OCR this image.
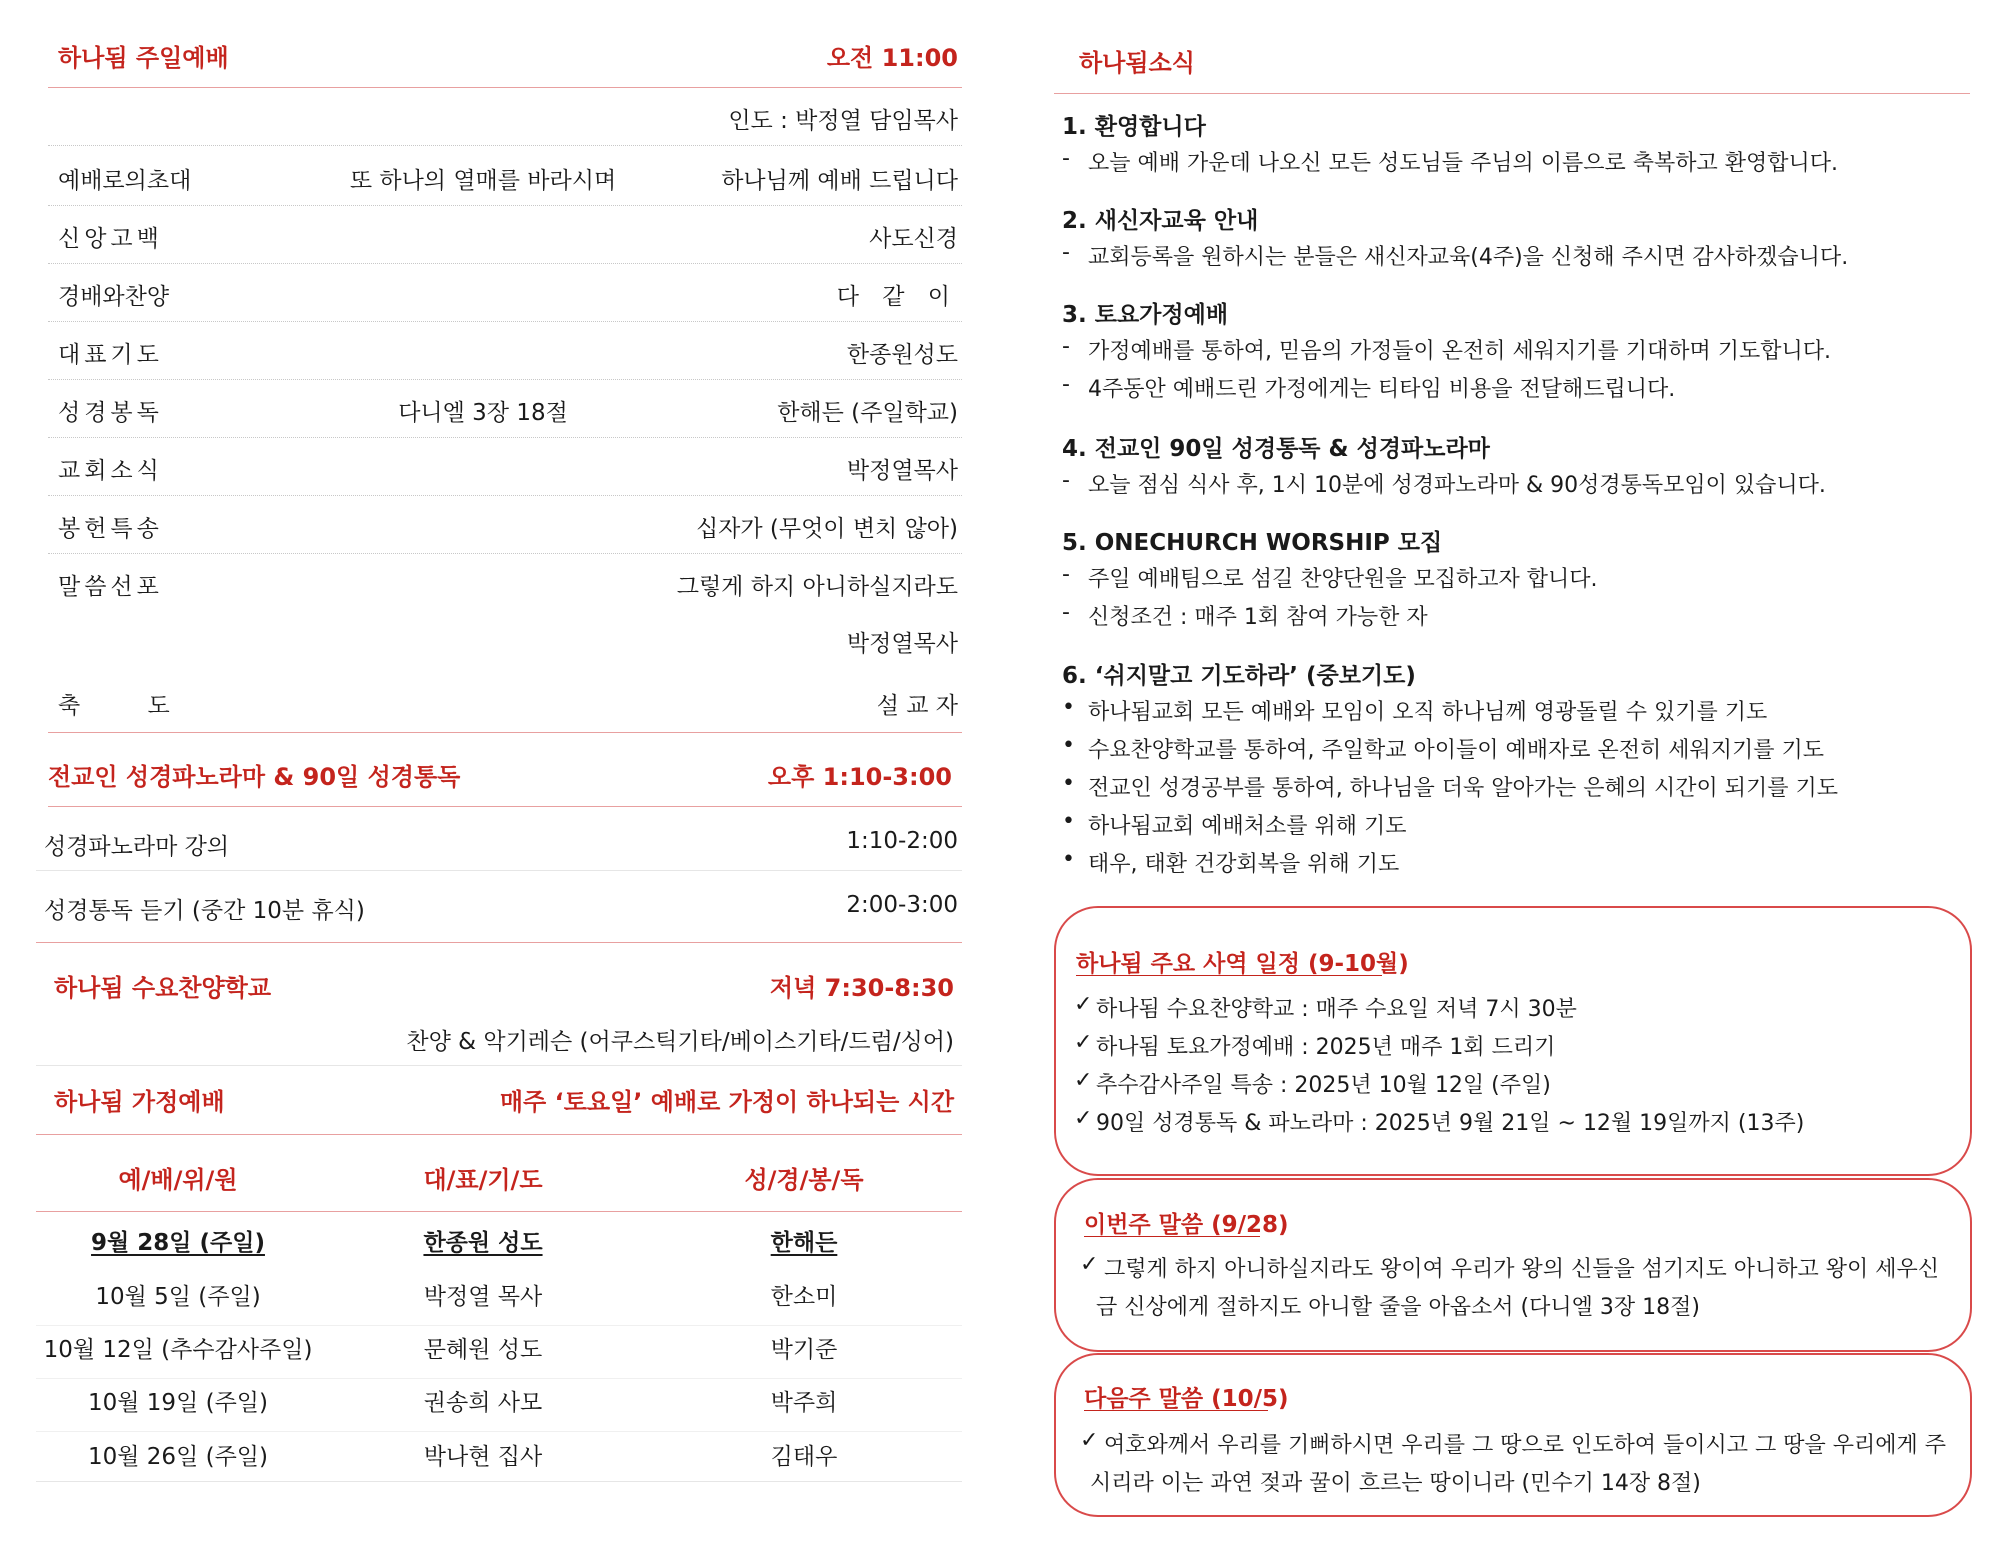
하나됨 주일예배	오전 11:00
인도 : 박정열 담임목사
예배로의초대	또 하나의 열매를 바라시며	하나님께 예배 드립니다
신앙고백	사도신경
경배와찬양	다 같 이
대표기도	한종원성도
성경봉독	다니엘 3장 18절	한해든 (주일학교)
교회소식	박정열목사
봉헌특송	십자가 (무엇이 변치 않아)
말씀선포	그렇게 하지 아니하실지라도
박정열목사
축 도	설 교 자
전교인 성경파노라마 & 90일 성경통독	오후 1:10-3:00
성경파노라마 강의	1:10-2:00
성경통독 듣기 (중간 10분 휴식)	2:00-3:00
하나됨 수요찬양학교	저녁 7:30-8:30
찬양 & 악기레슨 (어쿠스틱기타/베이스기타/드럼/싱어)
하나됨 가정예배	매주 ‘토요일’ 예배로 가정이 하나되는 시간
예/배/위/원	대/표/기/도	성/경/봉/독
9월 28일 (주일)	한종원 성도	한해든
10월 5일 (주일)	박정열 목사	한소미
10월 12일 (추수감사주일)	문혜원 성도	박기준
10월 19일 (주일)	권송희 사모	박주희
10월 26일 (주일)	박나현 집사	김태우
하나됨소식
1. 환영합니다
- 오늘 예배 가운데 나오신 모든 성도님들 주님의 이름으로 축복하고 환영합니다.
2. 새신자교육 안내
- 교회등록을 원하시는 분들은 새신자교육(4주)을 신청해 주시면 감사하겠습니다.
3. 토요가정예배
- 가정예배를 통하여, 믿음의 가정들이 온전히 세워지기를 기대하며 기도합니다.
- 4주동안 예배드린 가정에게는 티타임 비용을 전달해드립니다.
4. 전교인 90일 성경통독 & 성경파노라마
- 오늘 점심 식사 후, 1시 10분에 성경파노라마 & 90성경통독모임이 있습니다.
5. ONECHURCH WORSHIP 모집
- 주일 예배팀으로 섬길 찬양단원을 모집하고자 합니다.
- 신청조건 : 매주 1회 참여 가능한 자
6. ‘쉬지말고 기도하라’ (중보기도)
• 하나됨교회 모든 예배와 모임이 오직 하나님께 영광돌릴 수 있기를 기도
• 수요찬양학교를 통하여, 주일학교 아이들이 예배자로 온전히 세워지기를 기도
• 전교인 성경공부를 통하여, 하나님을 더욱 알아가는 은혜의 시간이 되기를 기도
• 하나됨교회 예배처소를 위해 기도
• 태우, 태환 건강회복을 위해 기도
하나됨 주요 사역 일정 (9-10월)
✓ 하나됨 수요찬양학교 : 매주 수요일 저녁 7시 30분
✓ 하나됨 토요가정예배 : 2025년 매주 1회 드리기
✓ 추수감사주일 특송 : 2025년 10월 12일 (주일)
✓ 90일 성경통독 & 파노라마 : 2025년 9월 21일 ~ 12월 19일까지 (13주)
이번주 말씀 (9/28)
✓ 그렇게 하지 아니하실지라도 왕이여 우리가 왕의 신들을 섬기지도 아니하고 왕이 세우신
금 신상에게 절하지도 아니할 줄을 아옵소서 (다니엘 3장 18절)
다음주 말씀 (10/5)
✓ 여호와께서 우리를 기뻐하시면 우리를 그 땅으로 인도하여 들이시고 그 땅을 우리에게 주
시리라 이는 과연 젖과 꿀이 흐르는 땅이니라 (민수기 14장 8절)
